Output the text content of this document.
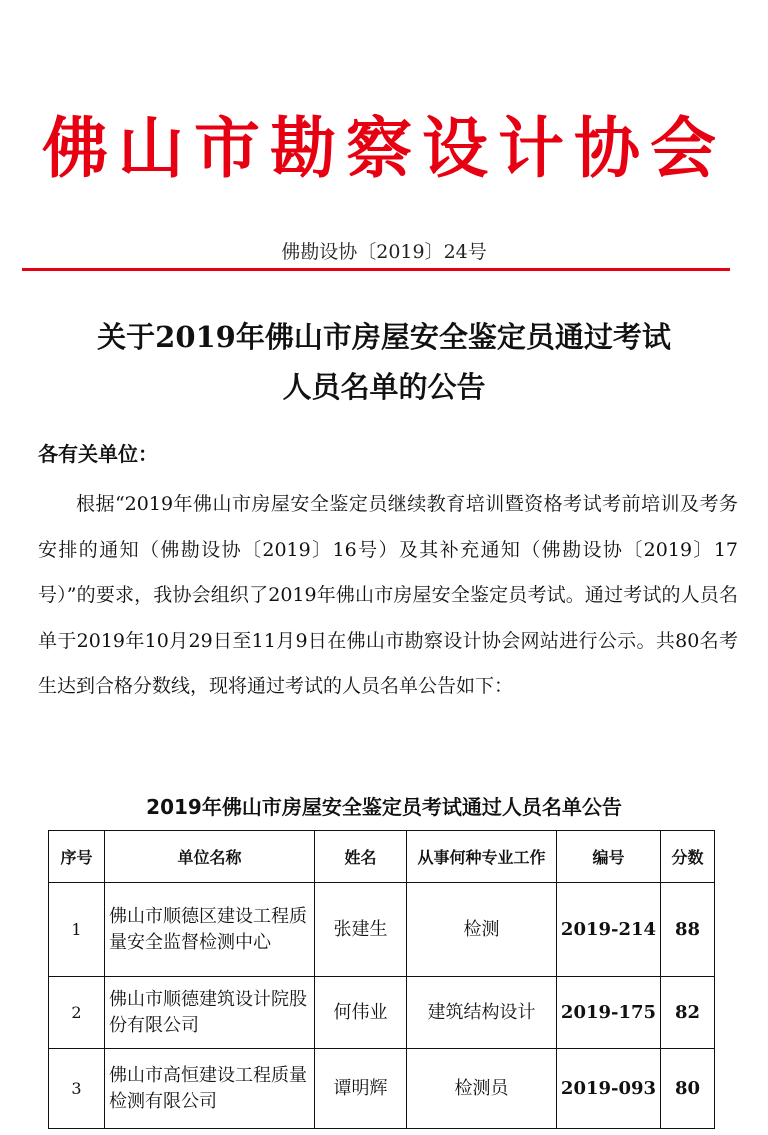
佛山市勘察设计协会
佛勘设协〔2019〕24号
关于2019年佛山市房屋安全鉴定员通过考试
人员名单的公告
各有关单位：
根据“2019年佛山市房屋安全鉴定员继续教育培训暨资格考试考前培训及考务安排的通知（佛勘设协〔2019〕16号）及其补充通知（佛勘设协〔2019〕17号）”的要求，我协会组织了2019年佛山市房屋安全鉴定员考试。通过考试的人员名单于2019年10月29日至11月9日在佛山市勘察设计协会网站进行公示。共80名考生达到合格分数线，现将通过考试的人员名单公告如下：
2019年佛山市房屋安全鉴定员考试通过人员名单公告
序号	单位名称	姓名	从事何种专业工作	编号	分数
1	佛山市顺德区建设工程质量安全监督检测中心	张建生	检测	2019-214	88
2	佛山市顺德建筑设计院股份有限公司	何伟业	建筑结构设计	2019-175	82
3	佛山市高恒建设工程质量检测有限公司	谭明辉	检测员	2019-093	80
